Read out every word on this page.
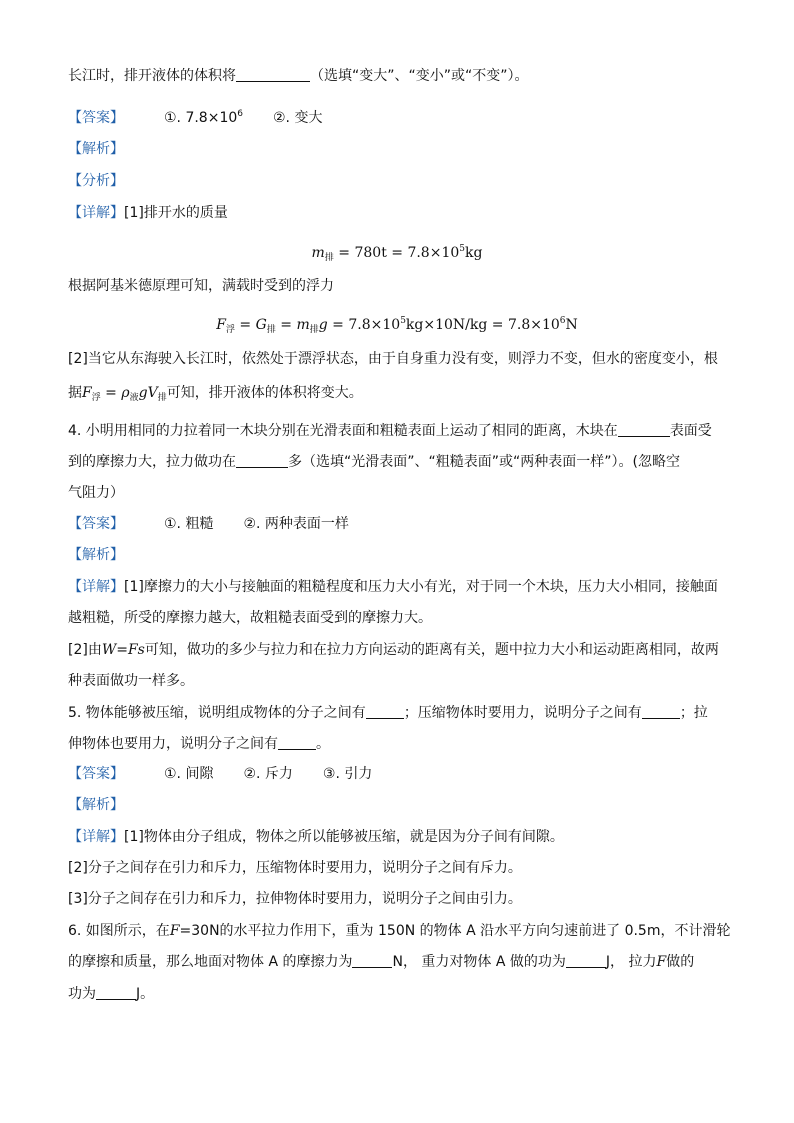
长江时，排开液体的体积将	（选填“变大”、“变小”或“不变”）。
【答案】	①. $7.8\times 10^6$ ②. 变大
【解析】
【分析】
【详解】[1]排开水的质量
$m_排 = 780t = 7.8\times 10^5kg$
根据阿基米德原理可知，满载时受到的浮力
$F_浮 = G_排 = m_排g = 7.8\times 10^5kg\times 10N/kg = 7.8\times 10^6N$
[2]当它从东海驶入长江时，依然处于漂浮状态，由于自身重力没有变，则浮力不变，但水的密度变小，根
据$F_浮 = \rho_液gV_排$可知，排开液体的体积将变大。
4. 小明用相同的力拉着同一木块分别在光滑表面和粗糙表面上运动了相同的距离，木块在	表面受
到的摩擦力大，拉力做功在	多（选填“光滑表面”、“粗糙表面”或“两种表面一样”）。(忽略空
气阻力）
【答案】	①. 粗糙 ②. 两种表面一样
【解析】
【详解】[1]摩擦力的大小与接触面的粗糙程度和压力大小有光，对于同一个木块，压力大小相同，接触面
越粗糙，所受的摩擦力越大，故粗糙表面受到的摩擦力大。
[2]由W=Fs可知，做功的多少与拉力和在拉力方向运动的距离有关，题中拉力大小和运动距离相同，故两
种表面做功一样多。
5. 物体能够被压缩，说明组成物体的分子之间有	；压缩物体时要用力，说明分子之间有	；拉
伸物体也要用力，说明分子之间有	。
【答案】	①. 间隙 ②. 斥力 ③. 引力
【解析】
【详解】[1]物体由分子组成，物体之所以能够被压缩，就是因为分子间有间隙。
[2]分子之间存在引力和斥力，压缩物体时要用力，说明分子之间有斥力。
[3]分子之间存在引力和斥力，拉伸物体时要用力，说明分子之间由引力。
6. 如图所示，在F=30N的水平拉力作用下，重为 150N 的物体 A 沿水平方向匀速前进了 0.5m，不计滑轮
的摩擦和质量，那么地面对物体 A 的摩擦力为	N， 重力对物体 A 做的功为	J， 拉力F做的
功为	J。
